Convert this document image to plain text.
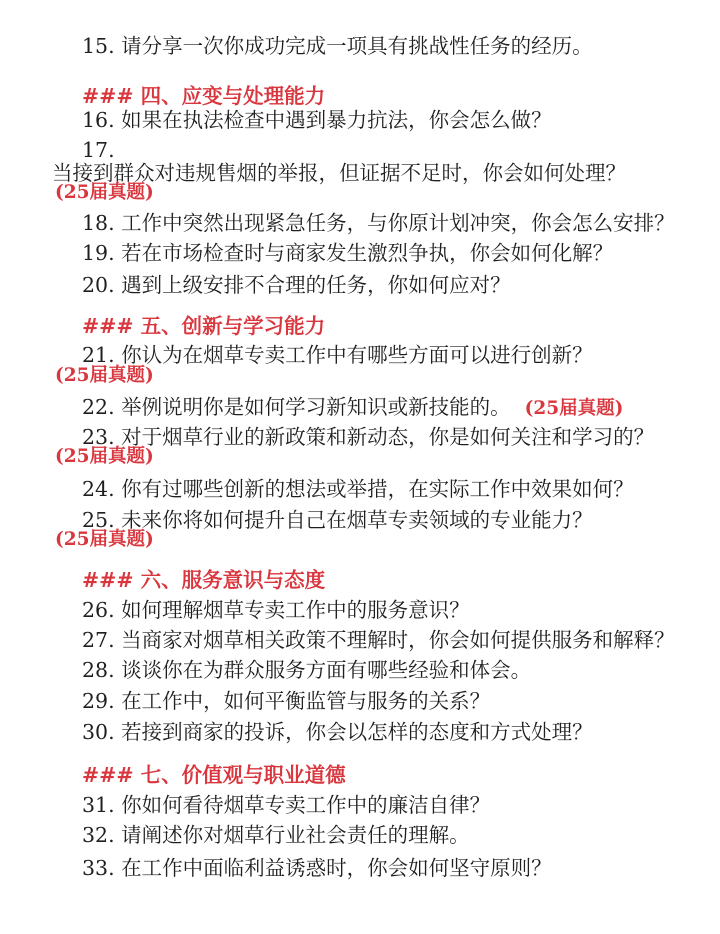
15. 请分享一次你成功完成一项具有挑战性任务的经历。
### 四、应变与处理能力
16. 如果在执法检查中遇到暴力抗法，你会怎么做？
17.
当接到群众对违规售烟的举报，但证据不足时，你会如何处理？
(25届真题)
18. 工作中突然出现紧急任务，与你原计划冲突，你会怎么安排？
19. 若在市场检查时与商家发生激烈争执，你会如何化解？
20. 遇到上级安排不合理的任务，你如何应对？
### 五、创新与学习能力
21. 你认为在烟草专卖工作中有哪些方面可以进行创新？
(25届真题)
22. 举例说明你是如何学习新知识或新技能的。 (25届真题)
23. 对于烟草行业的新政策和新动态，你是如何关注和学习的？
(25届真题)
24. 你有过哪些创新的想法或举措，在实际工作中效果如何？
25. 未来你将如何提升自己在烟草专卖领域的专业能力？
(25届真题)
### 六、服务意识与态度
26. 如何理解烟草专卖工作中的服务意识？
27. 当商家对烟草相关政策不理解时，你会如何提供服务和解释？
28. 谈谈你在为群众服务方面有哪些经验和体会。
29. 在工作中，如何平衡监管与服务的关系？
30. 若接到商家的投诉，你会以怎样的态度和方式处理？
### 七、价值观与职业道德
31. 你如何看待烟草专卖工作中的廉洁自律？
32. 请阐述你对烟草行业社会责任的理解。
33. 在工作中面临利益诱惑时，你会如何坚守原则？
